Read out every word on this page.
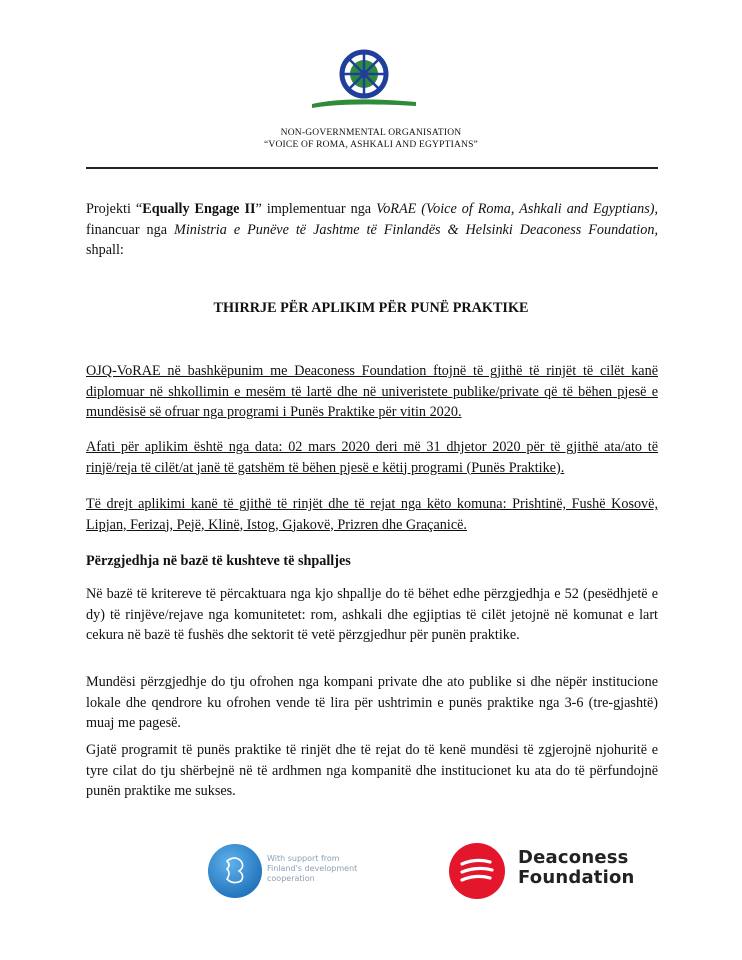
NON-GOVERNMENTAL ORGANISATION
“VOICE OF ROMA, ASHKALI AND EGYPTIANS”

Projekti “Equally Engage II” implementuar nga VoRAE (Voice of Roma, Ashkali and Egyptians), financuar nga Ministria e Punëve të Jashtme të Finlandës & Helsinki Deaconess Foundation, shpall:

THIRRJE PËR APLIKIM PËR PUNË PRAKTIKE

OJQ-VoRAE në bashkëpunim me Deaconess Foundation ftojnë të gjithë të rinjët të cilët kanë diplomuar në shkollimin e mesëm të lartë dhe në univeristete publike/private që të bëhen pjesë e mundësisë së ofruar nga programi i Punës Praktike për vitin 2020.

Afati për aplikim është nga data: 02 mars 2020 deri më 31 dhjetor 2020 për të gjithë ata/ato të rinjë/reja të cilët/at janë të gatshëm të bëhen pjesë e këtij programi (Punës Praktike).

Të drejt aplikimi kanë të gjithë të rinjët dhe të rejat nga këto komuna: Prishtinë, Fushë Kosovë, Lipjan, Ferizaj, Pejë, Klinë, Istog, Gjakovë, Prizren dhe Graçanicë.

Përzgjedhja në bazë të kushteve të shpalljes

Në bazë të kritereve të përcaktuara nga kjo shpallje do të bëhet edhe përzgjedhja e 52 (pesëdhjetë e dy) të rinjëve/rejave nga komunitetet: rom, ashkali dhe egjiptias të cilët jetojnë në komunat e lart cekura në bazë të fushës dhe sektorit të vetë përzgjedhur për punën praktike.

Mundësi përzgjedhje do tju ofrohen nga kompani private dhe ato publike si dhe nëpër institucione lokale dhe qendrore ku ofrohen vende të lira për ushtrimin e punës praktike nga 3-6 (tre-gjashtë) muaj me pagesë.

Gjatë programit të punës praktike të rinjët dhe të rejat do të kenë mundësi të zgjerojnë njohuritë e tyre cilat do tju shërbejnë në të ardhmen nga kompanitë dhe institucionet ku ata do të përfundojnë punën praktike me sukses.

With support from
Finland's development
cooperation
Deaconess
Foundation
